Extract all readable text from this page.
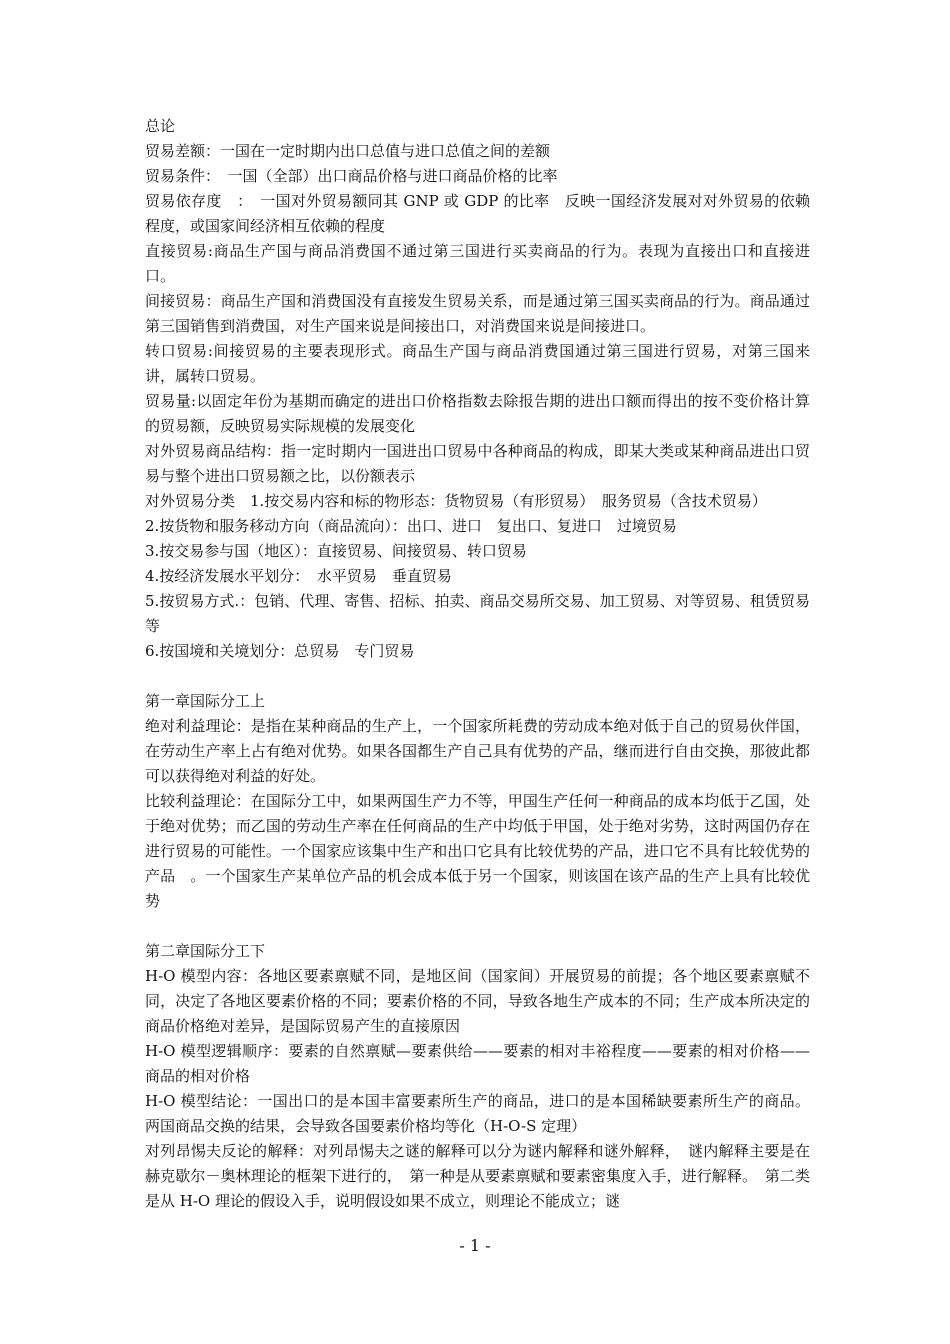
总论

贸易差额：一国在一定时期内出口总值与进口总值之间的差额

贸易条件：　一国（全部）出口商品价格与进口商品价格的比率

贸易依存度　：　一国对外贸易额同其 GNP 或 GDP 的比率　反映一国经济发展对对外贸易的依赖程度，或国家间经济相互依赖的程度

直接贸易:商品生产国与商品消费国不通过第三国进行买卖商品的行为。表现为直接出口和直接进口。

间接贸易：商品生产国和消费国没有直接发生贸易关系，而是通过第三国买卖商品的行为。商品通过第三国销售到消费国，对生产国来说是间接出口，对消费国来说是间接进口。

转口贸易:间接贸易的主要表现形式。商品生产国与商品消费国通过第三国进行贸易，对第三国来讲，属转口贸易。

贸易量:以固定年份为基期而确定的进出口价格指数去除报告期的进出口额而得出的按不变价格计算的贸易额，反映贸易实际规模的发展变化

对外贸易商品结构：指一定时期内一国进出口贸易中各种商品的构成，即某大类或某种商品进出口贸易与整个进出口贸易额之比，以份额表示

对外贸易分类　1.按交易内容和标的物形态：货物贸易（有形贸易）　服务贸易（含技术贸易）

2.按货物和服务移动方向（商品流向）：出口、进口　复出口、复进口　过境贸易

3.按交易参与国（地区）：直接贸易、间接贸易、转口贸易

4.按经济发展水平划分：　水平贸易　垂直贸易

5.按贸易方式.：包销、代理、寄售、招标、拍卖、商品交易所交易、加工贸易、对等贸易、租赁贸易等

6.按国境和关境划分：总贸易　专门贸易

第一章国际分工上

绝对利益理论：是指在某种商品的生产上，一个国家所耗费的劳动成本绝对低于自己的贸易伙伴国，在劳动生产率上占有绝对优势。如果各国都生产自己具有优势的产品，继而进行自由交换，那彼此都可以获得绝对利益的好处。

比较利益理论：在国际分工中，如果两国生产力不等，甲国生产任何一种商品的成本均低于乙国，处于绝对优势；而乙国的劳动生产率在任何商品的生产中均低于甲国，处于绝对劣势，这时两国仍存在进行贸易的可能性。一个国家应该集中生产和出口它具有比较优势的产品，进口它不具有比较优势的产品　。一个国家生产某单位产品的机会成本低于另一个国家，则该国在该产品的生产上具有比较优势

第二章国际分工下

H-O 模型内容：各地区要素禀赋不同，是地区间（国家间）开展贸易的前提；各个地区要素禀赋不同，决定了各地区要素价格的不同；要素价格的不同，导致各地生产成本的不同；生产成本所决定的商品价格绝对差异，是国际贸易产生的直接原因

H-O 模型逻辑顺序：要素的自然禀赋—要素供给——要素的相对丰裕程度——要素的相对价格——商品的相对价格

H-O 模型结论：一国出口的是本国丰富要素所生产的商品，进口的是本国稀缺要素所生产的商品。两国商品交换的结果，会导致各国要素价格均等化（H-O-S 定理）

对列昂惕夫反论的解释：对列昂惕夫之谜的解释可以分为谜内解释和谜外解释，　谜内解释主要是在赫克歇尔－奥林理论的框架下进行的，　第一种是从要素禀赋和要素密集度入手，进行解释。　第二类是从 H-O 理论的假设入手，说明假设如果不成立，则理论不能成立；谜

- 1 -
